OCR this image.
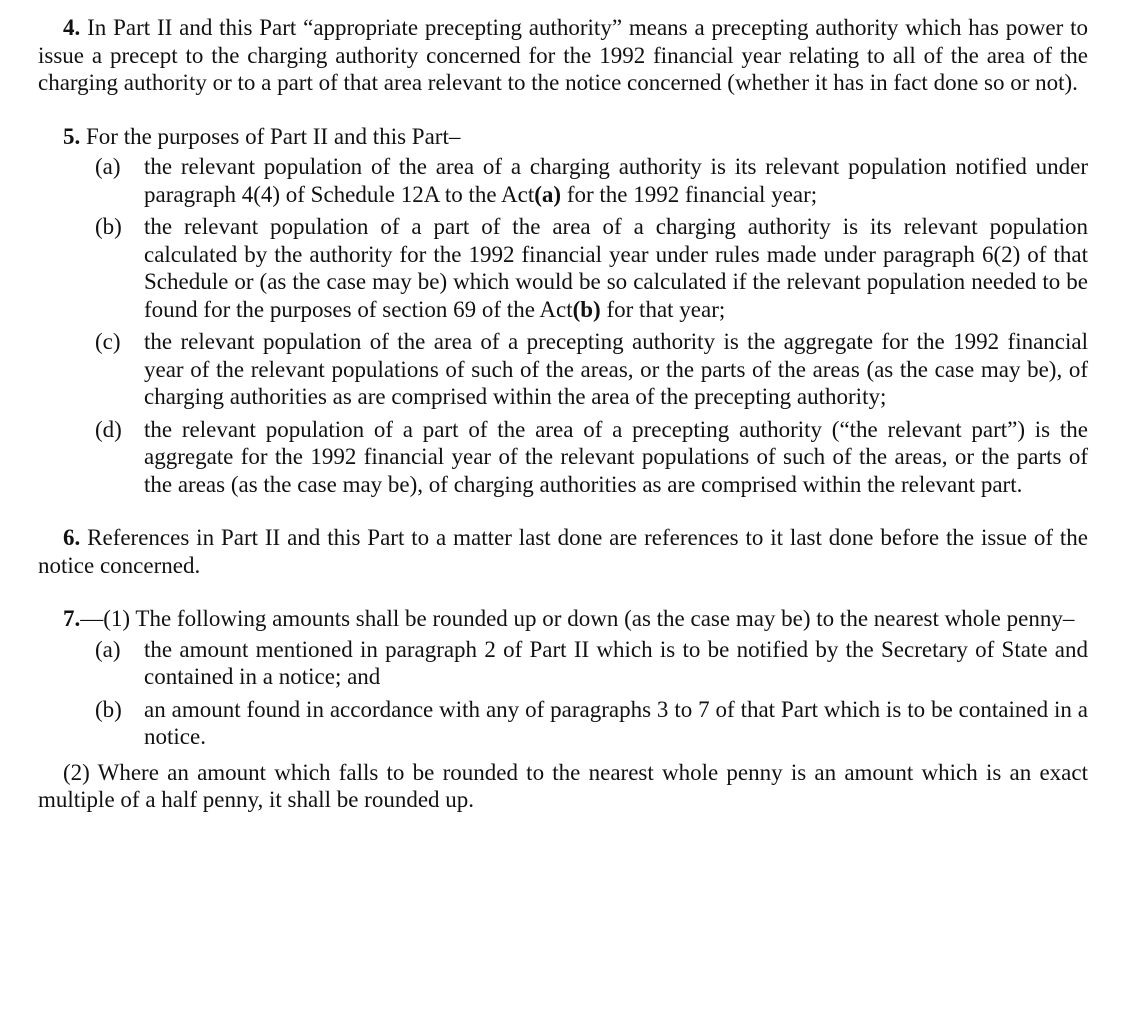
4. In Part II and this Part “appropriate precepting authority” means a precepting authority which has power to issue a precept to the charging authority concerned for the 1992 financial year relating to all of the area of the charging authority or to a part of that area relevant to the notice concerned (whether it has in fact done so or not).

5. For the purposes of Part II and this Part–

(a) the relevant population of the area of a charging authority is its relevant population notified under paragraph 4(4) of Schedule 12A to the Act(a) for the 1992 financial year;
(b) the relevant population of a part of the area of a charging authority is its relevant population calculated by the authority for the 1992 financial year under rules made under paragraph 6(2) of that Schedule or (as the case may be) which would be so calculated if the relevant population needed to be found for the purposes of section 69 of the Act(b) for that year;
(c) the relevant population of the area of a precepting authority is the aggregate for the 1992 financial year of the relevant populations of such of the areas, or the parts of the areas (as the case may be), of charging authorities as are comprised within the area of the precepting authority;
(d) the relevant population of a part of the area of a precepting authority (“the relevant part”) is the aggregate for the 1992 financial year of the relevant populations of such of the areas, or the parts of the areas (as the case may be), of charging authorities as are comprised within the relevant part.

6. References in Part II and this Part to a matter last done are references to it last done before the issue of the notice concerned.

7.—(1) The following amounts shall be rounded up or down (as the case may be) to the nearest whole penny–

(a) the amount mentioned in paragraph 2 of Part II which is to be notified by the Secretary of State and contained in a notice; and
(b) an amount found in accordance with any of paragraphs 3 to 7 of that Part which is to be contained in a notice.

(2) Where an amount which falls to be rounded to the nearest whole penny is an amount which is an exact multiple of a half penny, it shall be rounded up.
